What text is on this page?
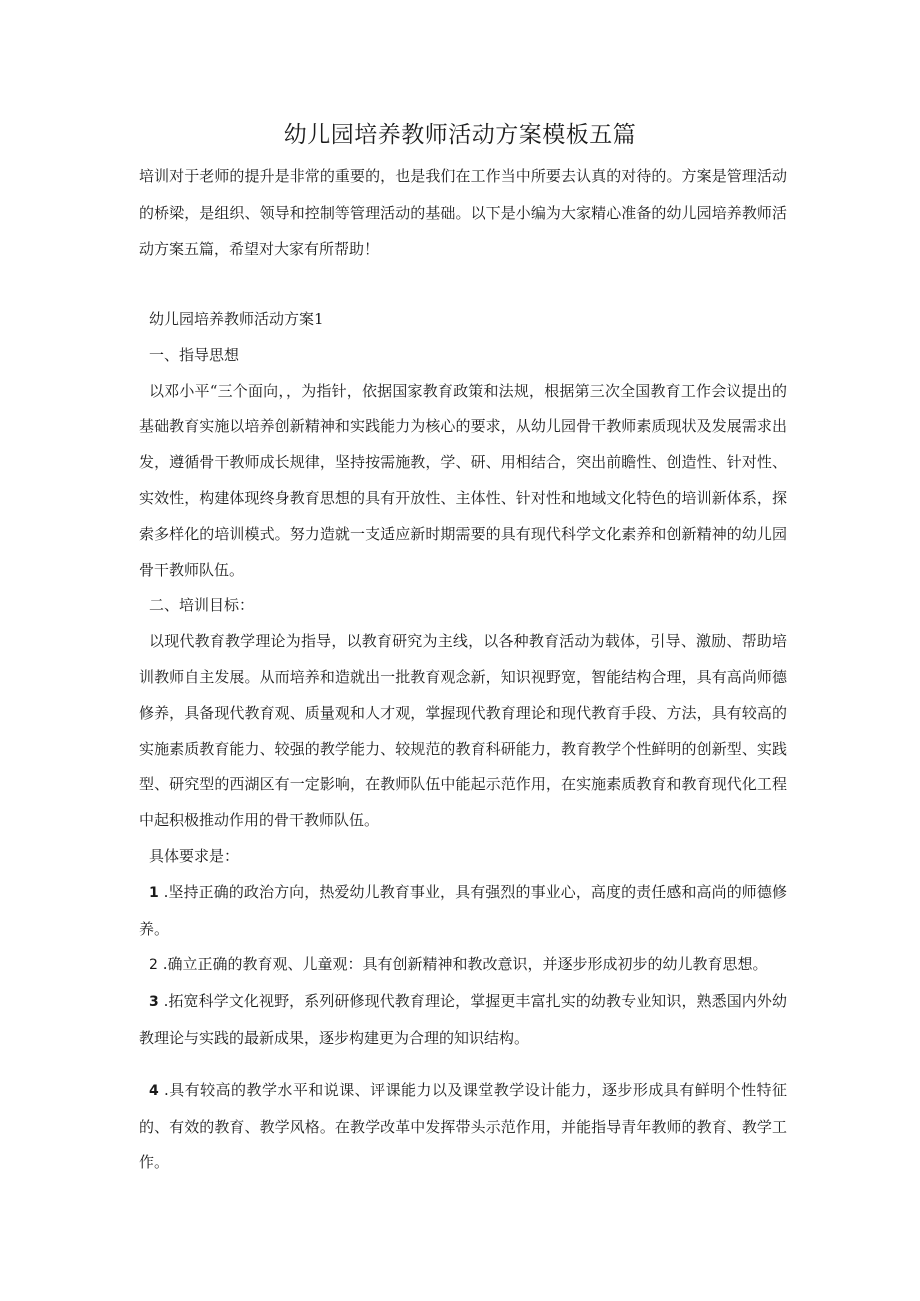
幼儿园培养教师活动方案模板五篇

培训对于老师的提升是非常的重要的，也是我们在工作当中所要去认真的对待的。方案是管理活动的桥梁，是组织、领导和控制等管理活动的基础。以下是小编为大家精心准备的幼儿园培养教师活动方案五篇，希望对大家有所帮助！

幼儿园培养教师活动方案1

一、指导思想

以邓小平“三个面向，，为指针，依据国家教育政策和法规，根据第三次全国教育工作会议提出的基础教育实施以培养创新精神和实践能力为核心的要求，从幼儿园骨干教师素质现状及发展需求出发，遵循骨干教师成长规律，坚持按需施教，学、研、用相结合，突出前瞻性、创造性、针对性、实效性，构建体现终身教育思想的具有开放性、主体性、针对性和地域文化特色的培训新体系，探索多样化的培训模式。努力造就一支适应新时期需要的具有现代科学文化素养和创新精神的幼儿园骨干教师队伍。

二、培训目标：

以现代教育教学理论为指导，以教育研究为主线，以各种教育活动为载体，引导、激励、帮助培训教师自主发展。从而培养和造就出一批教育观念新，知识视野宽，智能结构合理，具有高尚师德修养，具备现代教育观、质量观和人才观，掌握现代教育理论和现代教育手段、方法，具有较高的实施素质教育能力、较强的教学能力、较规范的教育科研能力，教育教学个性鲜明的创新型、实践型、研究型的西湖区有一定影响，在教师队伍中能起示范作用，在实施素质教育和教育现代化工程中起积极推动作用的骨干教师队伍。

具体要求是：

1 .坚持正确的政治方向，热爱幼儿教育事业，具有强烈的事业心，高度的责任感和高尚的师德修养。

2 .确立正确的教育观、儿童观：具有创新精神和教改意识，并逐步形成初步的幼儿教育思想。

3 .拓宽科学文化视野，系列研修现代教育理论，掌握更丰富扎实的幼教专业知识，熟悉国内外幼教理论与实践的最新成果，逐步构建更为合理的知识结构。

4 .具有较高的教学水平和说课、评课能力以及课堂教学设计能力，逐步形成具有鲜明个性特征的、有效的教育、教学风格。在教学改革中发挥带头示范作用，并能指导青年教师的教育、教学工作。
